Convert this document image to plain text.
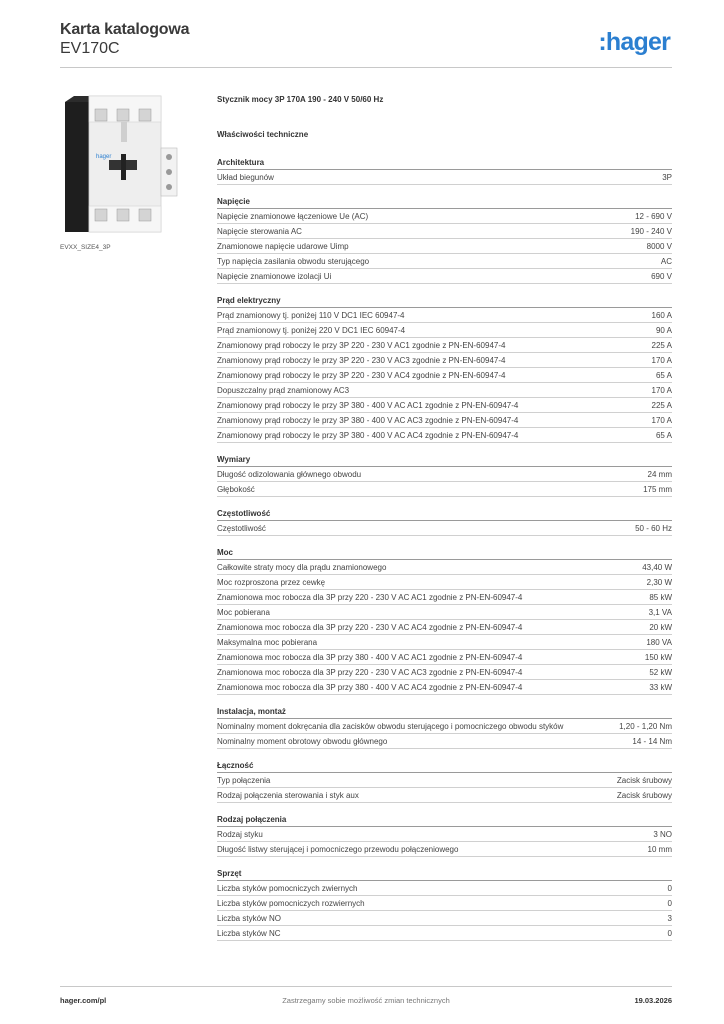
Karta katalogowa
EV170C	:hager
hager
EVXX_SIZE4_3P
Stycznik mocy 3P 170A 190 - 240 V 50/60 Hz
Właściwości techniczne
Architektura
Układ biegunów	3P
Napięcie
Napięcie znamionowe łączeniowe Ue (AC)	12 - 690 V
Napięcie sterowania AC	190 - 240 V
Znamionowe napięcie udarowe Uimp	8000 V
Typ napięcia zasilania obwodu sterującego	AC
Napięcie znamionowe izolacji Ui	690 V
Prąd elektryczny
Prąd znamionowy tj. poniżej 110 V DC1 IEC 60947-4	160 A
Prąd znamionowy tj. poniżej 220 V DC1 IEC 60947-4	90 A
Znamionowy prąd roboczy Ie przy 3P 220 - 230 V AC1 zgodnie z PN-EN-60947-4	225 A
Znamionowy prąd roboczy Ie przy 3P 220 - 230 V AC3 zgodnie z PN-EN-60947-4	170 A
Znamionowy prąd roboczy Ie przy 3P 220 - 230 V AC4 zgodnie z PN-EN-60947-4	65 A
Dopuszczalny prąd znamionowy AC3	170 A
Znamionowy prąd roboczy Ie przy 3P 380 - 400 V AC AC1 zgodnie z PN-EN-60947-4	225 A
Znamionowy prąd roboczy Ie przy 3P 380 - 400 V AC AC3 zgodnie z PN-EN-60947-4	170 A
Znamionowy prąd roboczy Ie przy 3P 380 - 400 V AC AC4 zgodnie z PN-EN-60947-4	65 A
Wymiary
Długość odizolowania głównego obwodu	24 mm
Głębokość	175 mm
Częstotliwość
Częstotliwość	50 - 60 Hz
Moc
Całkowite straty mocy dla prądu znamionowego	43,40 W
Moc rozproszona przez cewkę	2,30 W
Znamionowa moc robocza dla 3P przy 220 - 230 V AC AC1 zgodnie z PN-EN-60947-4	85 kW
Moc pobierana	3,1 VA
Znamionowa moc robocza dla 3P przy 220 - 230 V AC AC4 zgodnie z PN-EN-60947-4	20 kW
Maksymalna moc pobierana	180 VA
Znamionowa moc robocza dla 3P przy 380 - 400 V AC AC1 zgodnie z PN-EN-60947-4	150 kW
Znamionowa moc robocza dla 3P przy 220 - 230 V AC AC3 zgodnie z PN-EN-60947-4	52 kW
Znamionowa moc robocza dla 3P przy 380 - 400 V AC AC4 zgodnie z PN-EN-60947-4	33 kW
Instalacja, montaż
Nominalny moment dokręcania dla zacisków obwodu sterującego i pomocniczego obwodu styków	1,20 - 1,20 Nm
Nominalny moment obrotowy obwodu głównego	14 - 14 Nm
Łączność
Typ połączenia	Zacisk śrubowy
Rodzaj połączenia sterowania i styk aux	Zacisk śrubowy
Rodzaj połączenia
Rodzaj styku	3 NO
Długość listwy sterującej i pomocniczego przewodu połączeniowego	10 mm
Sprzęt
Liczba styków pomocniczych zwiernych	0
Liczba styków pomocniczych rozwiernych	0
Liczba styków NO	3
Liczba styków NC	0
hager.com/pl	Zastrzegamy sobie możliwość zmian technicznych	19.03.2026
